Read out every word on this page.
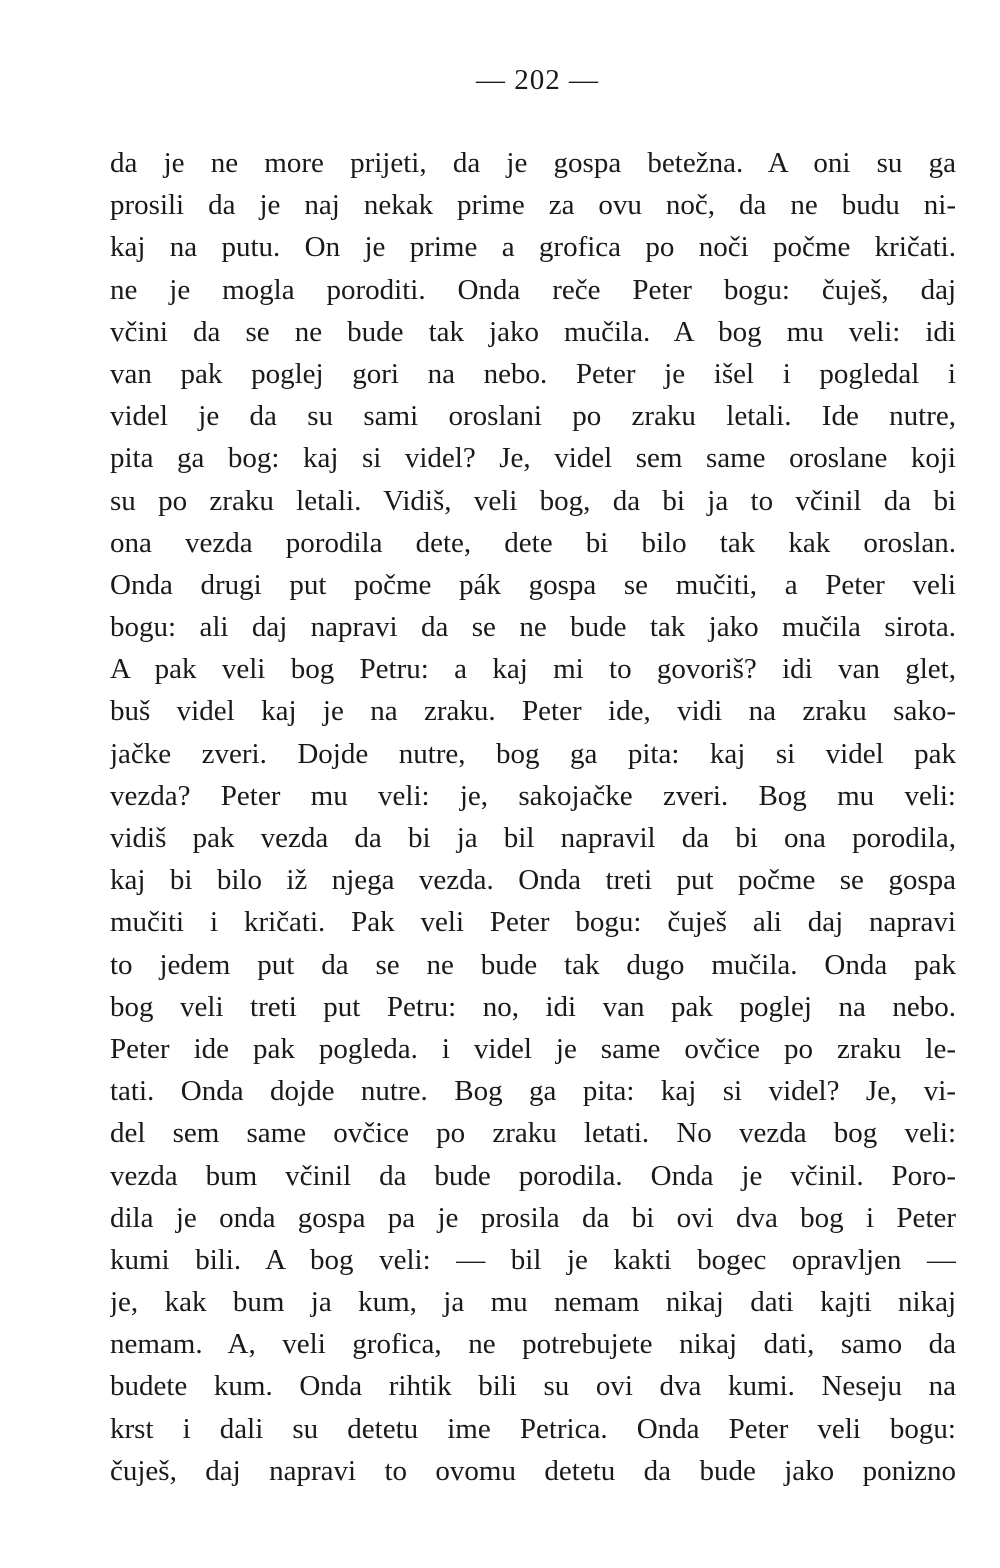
— 202 —
da je ne more prijeti, da je gospa betežna. A oni su ga
prosili da je naj nekak prime za ovu noč, da ne budu ni-
kaj na putu. On je prime a grofica po noči počme kričati.
ne je mogla poroditi. Onda reče Peter bogu: čuješ, daj
včini da se ne bude tak jako mučila. A bog mu veli: idi
van pak poglej gori na nebo. Peter je išel i pogledal i
videl je da su sami oroslani po zraku letali. Ide nutre,
pita ga bog: kaj si videl? Je, videl sem same oroslane koji
su po zraku letali. Vidiš, veli bog, da bi ja to včinil da bi
ona vezda porodila dete, dete bi bilo tak kak oroslan.
Onda drugi put počme pák gospa se mučiti, a Peter veli
bogu: ali daj napravi da se ne bude tak jako mučila sirota.
A pak veli bog Petru: a kaj mi to govoriš? idi van glet,
buš videl kaj je na zraku. Peter ide, vidi na zraku sako-
jačke zveri. Dojde nutre, bog ga pita: kaj si videl pak
vezda? Peter mu veli: je, sakojačke zveri. Bog mu veli:
vidiš pak vezda da bi ja bil napravil da bi ona porodila,
kaj bi bilo iž njega vezda. Onda treti put počme se gospa
mučiti i kričati. Pak veli Peter bogu: čuješ ali daj napravi
to jedem put da se ne bude tak dugo mučila. Onda pak
bog veli treti put Petru: no, idi van pak poglej na nebo.
Peter ide pak pogleda. i videl je same ovčice po zraku le-
tati. Onda dojde nutre. Bog ga pita: kaj si videl? Je, vi-
del sem same ovčice po zraku letati. No vezda bog veli:
vezda bum včinil da bude porodila. Onda je včinil. Poro-
dila je onda gospa pa je prosila da bi ovi dva bog i Peter
kumi bili. A bog veli: — bil je kakti bogec opravljen —
je, kak bum ja kum, ja mu nemam nikaj dati kajti nikaj
nemam. A, veli grofica, ne potrebujete nikaj dati, samo da
budete kum. Onda rihtik bili su ovi dva kumi. Neseju na
krst i dali su detetu ime Petrica. Onda Peter veli bogu:
čuješ, daj napravi to ovomu detetu da bude jako ponizno
